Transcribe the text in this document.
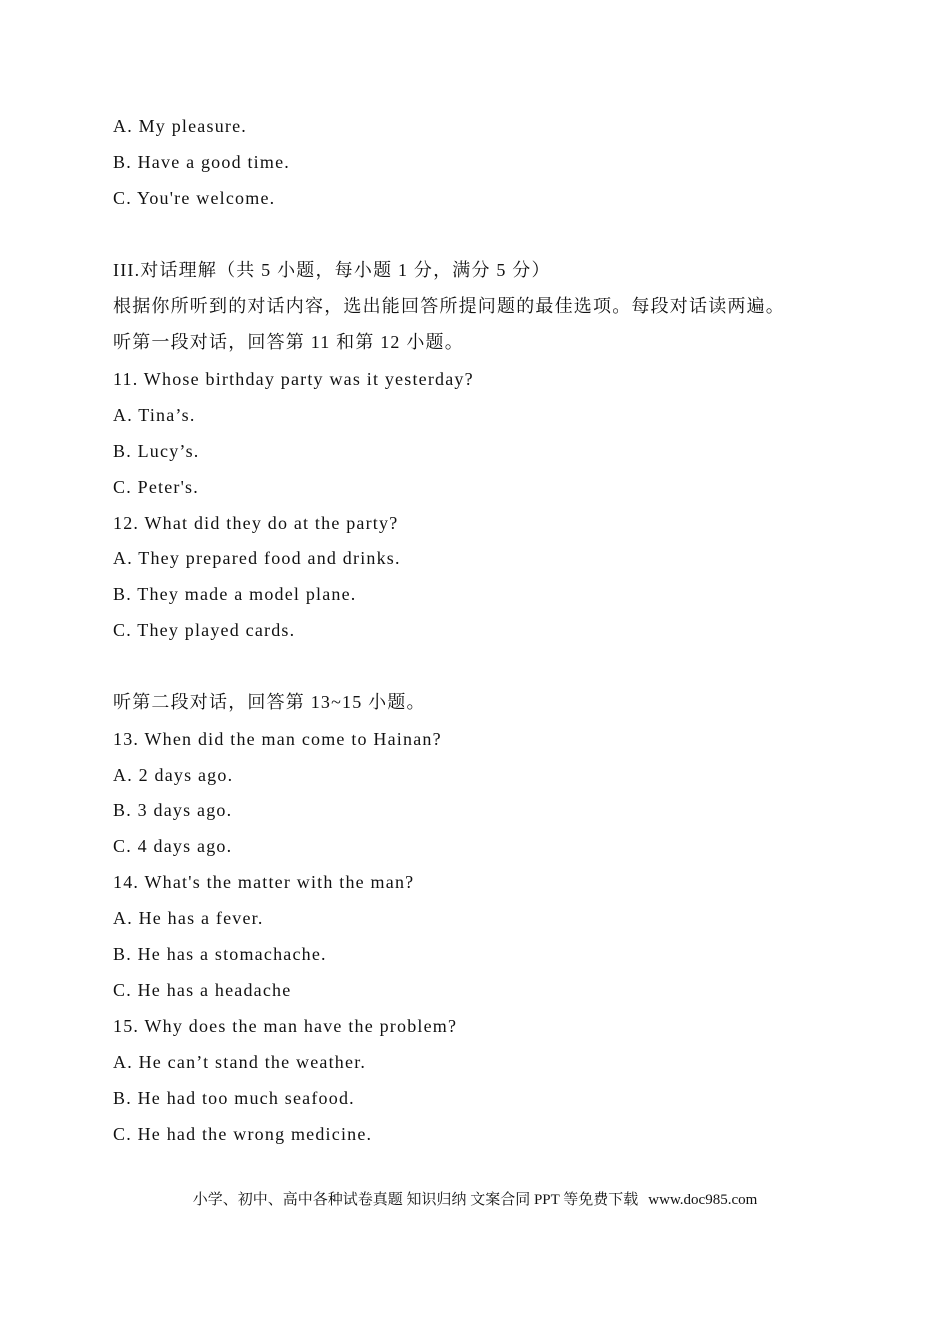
A. My pleasure.
B. Have a good time.
C. You're welcome.
III.对话理解（共 5 小题，每小题 1 分，满分 5 分）
根据你所听到的对话内容，选出能回答所提问题的最佳选项。每段对话读两遍。
听第一段对话，回答第 11 和第 12 小题。
11. Whose birthday party was it yesterday?
A. Tina’s.
B. Lucy’s.
C. Peter's.
12. What did they do at the party?
A. They prepared food and drinks.
B. They made a model plane.
C. They played cards.
听第二段对话，回答第 13~15 小题。
13. When did the man come to Hainan?
A. 2 days ago.
B. 3 days ago.
C. 4 days ago.
14. What's the matter with the man?
A. He has a fever.
B. He has a stomachache.
C. He has a headache
15. Why does the man have the problem?
A. He can’t stand the weather.
B. He had too much seafood.
C. He had the wrong medicine.
小学、初中、高中各种试卷真题 知识归纳 文案合同 PPT 等免费下载 www.doc985.com
